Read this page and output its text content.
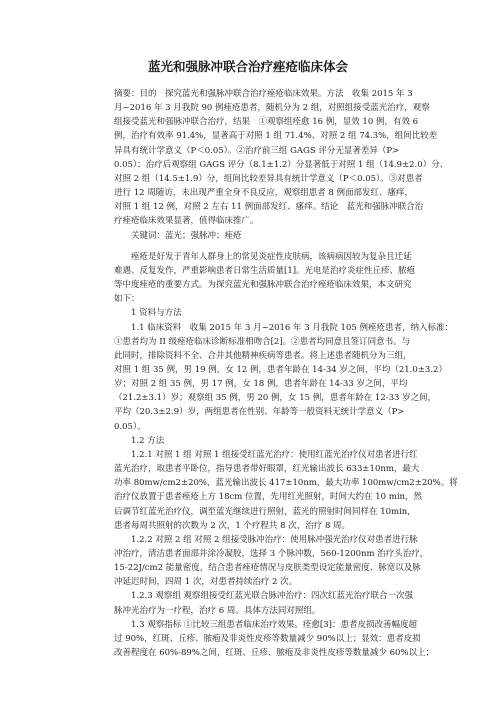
蓝光和强脉冲联合治疗痤疮临床体会
摘要：目的　探究蓝光和强脉冲联合治疗痤疮临床效果。方法　收集 2015 年 3
月~2016 年 3 月我院 90 例痤疮患者，随机分为 2 组，对照组接受蓝光治疗，观察
组接受蓝光和强脉冲联合治疗，结果　①观察组痊愈 16 例，显效 10 例，有效 6
例，治疗有效率 91.4%，显著高于对照 1 组 71.4%、对照 2 组 74.3%，组间比较差
异具有统计学意义（P＜0.05）。②治疗前三组 GAGS 评分无显著差异（P>
0.05）；治疗后观察组 GAGS 评分（8.1±1.2）分显著低于对照 1 组（14.9±2.0）分、
对照 2 组（14.5±1.9）分，组间比较差异具有统计学意义（P＜0.05）。③对患者
进行 12 周随访，未出现严重全身不良反应，观察组患者 8 例面部发红、瘙痒，
对照 1 组 12 例，对照 2 左右 11 例面部发红、瘙痒。结论　蓝光和强脉冲联合治
疗痤疮临床效果显著，值得临床推广。
关键词：蓝光；强脉冲；痤疮
痤疮是好发于青年人群身上的常见炎症性皮肤病，该病病因较为复杂且迁延
难遇、反复发作，严重影响患者日常生活质量[1]。光电是治疗炎症性丘疹、脓疱
等中度痤疮的重要方式。为探究蓝光和强脉冲联合治疗痤疮临床效果，本文研究
如下：
1 资料与方法
1.1 临床资料　收集 2015 年 3 月~2016 年 3 月我院 105 例痤疮患者，纳入标准：
①患者均为 II 级痤疮临床诊断标准相吻合[2]。②患者均同意且签订同意书。与
此同时，排除资料不全、合并其他精神疾病等患者。将上述患者随机分为三组，
对照 1 组 35 例，男 19 例，女 12 例，患者年龄在 14-34 岁之间，平均（21.0±3.2）
岁；对照 2 组 35 例，男 17 例，女 18 例，患者年龄在 14-33 岁之间，平均
（21.2±3.1）岁；观察组 35 例，男 20 例，女 15 例，患者年龄在 12-33 岁之间，
平均（20.3±2.9）岁，两组患者在性别、年龄等一般资料无统计学意义（P>
0.05）。
1.2 方法
1.2.1 对照 1 组 对照 1 组接受红蓝光治疗：使用红蓝光治疗仪对患者进行红
蓝光治疗，取患者平卧位，指导患者带好眼罩，红光输出波长 633±10nm，最大
功率 80mw/cm2±20%，蓝光输出波长 417±10nm，最大功率 100mw/cm2±20%。将
治疗仪放置于患者痤疮上方 18cm 位置，先用红光照射，时间大约在 10 min，然
后调节红蓝光治疗仪，调至蓝光继续进行照射，蓝光的照射时间同样在 10min，
患者每周共照射的次数为 2 次，1 个疗程共 8 次，治疗 8 周。
1.2.2 对照 2 组 对照 2 组接受脉冲治疗：使用脉冲强光治疗仪对患者进行脉
冲治疗，清洁患者面部并涂冷凝胶，选择 3 个脉冲数，560-1200nm 治疗头治疗，
15-22J/cm2 能量密度，结合患者痤疮情况与皮肤类型设定能量密度、脉宽以及脉
冲延迟时间，四周 1 次，对患者持续治疗 2 次。
1.2.3 观察组 观察组接受红蓝光联合脉冲治疗：四次红蓝光治疗联合一次强
脉冲光治疗为一疗程，治疗 6 周。具体方法同对照组。
1.3 观察指标 ①比较三组患者临床治疗效果。痊愈[3]：患者皮损改善幅度超
过 90%，红斑、丘疹、脓疱及非炎性皮疹等数量减少 90%以上；显效：患者皮损
改善程度在 60%-89%之间，红斑、丘疹、脓疱及非炎性皮疹等数量减少 60%以上；
